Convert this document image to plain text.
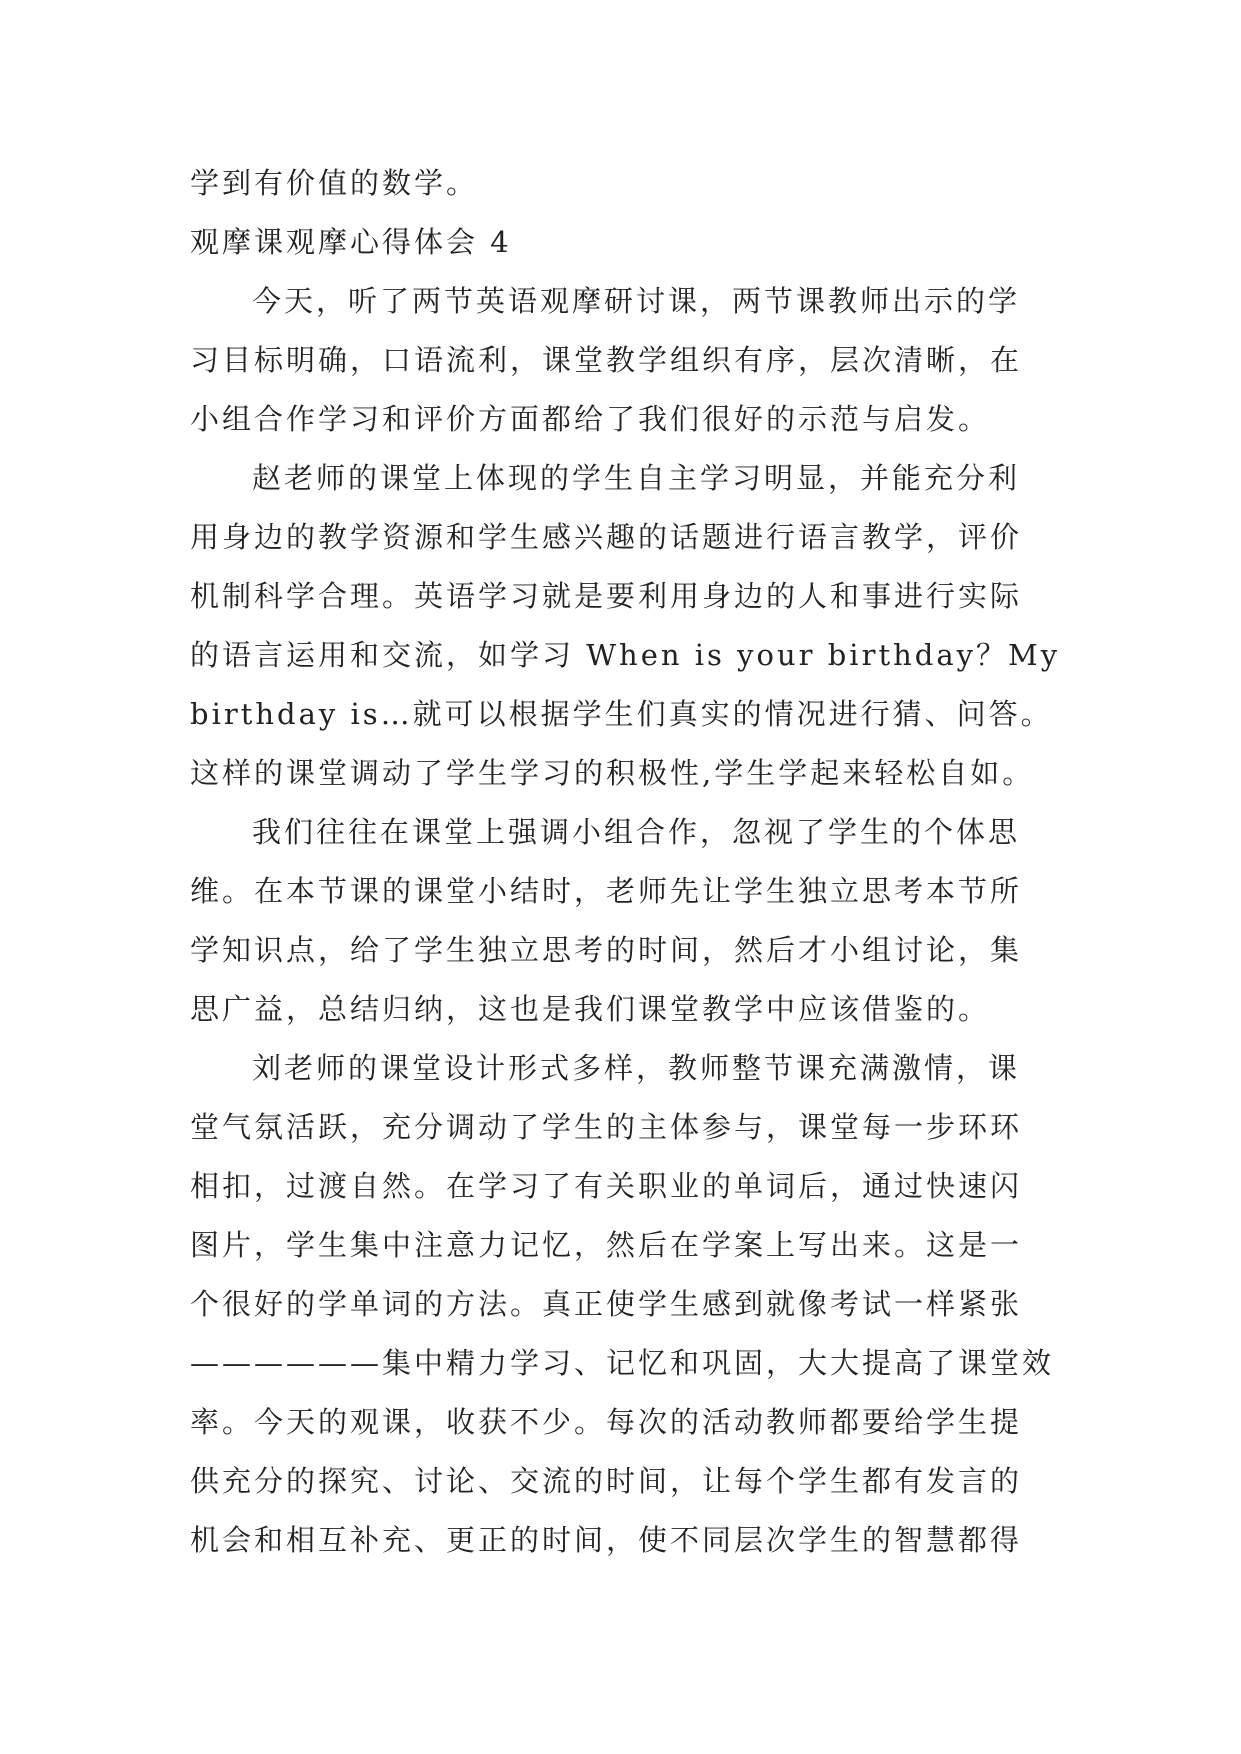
学到有价值的数学。
观摩课观摩心得体会 4
今天，听了两节英语观摩研讨课，两节课教师出示的学
习目标明确，口语流利，课堂教学组织有序，层次清晰，在
小组合作学习和评价方面都给了我们很好的示范与启发。
赵老师的课堂上体现的学生自主学习明显，并能充分利
用身边的教学资源和学生感兴趣的话题进行语言教学，评价
机制科学合理。英语学习就是要利用身边的人和事进行实际
的语言运用和交流，如学习 When is your birthday？My
birthday is…就可以根据学生们真实的情况进行猜、问答。
这样的课堂调动了学生学习的积极性,学生学起来轻松自如。
我们往往在课堂上强调小组合作，忽视了学生的个体思
维。在本节课的课堂小结时，老师先让学生独立思考本节所
学知识点，给了学生独立思考的时间，然后才小组讨论，集
思广益，总结归纳，这也是我们课堂教学中应该借鉴的。
刘老师的课堂设计形式多样，教师整节课充满激情，课
堂气氛活跃，充分调动了学生的主体参与，课堂每一步环环
相扣，过渡自然。在学习了有关职业的单词后，通过快速闪
图片，学生集中注意力记忆，然后在学案上写出来。这是一
个很好的学单词的方法。真正使学生感到就像考试一样紧张
——————集中精力学习、记忆和巩固，大大提高了课堂效
率。今天的观课，收获不少。每次的活动教师都要给学生提
供充分的探究、讨论、交流的时间，让每个学生都有发言的
机会和相互补充、更正的时间，使不同层次学生的智慧都得
